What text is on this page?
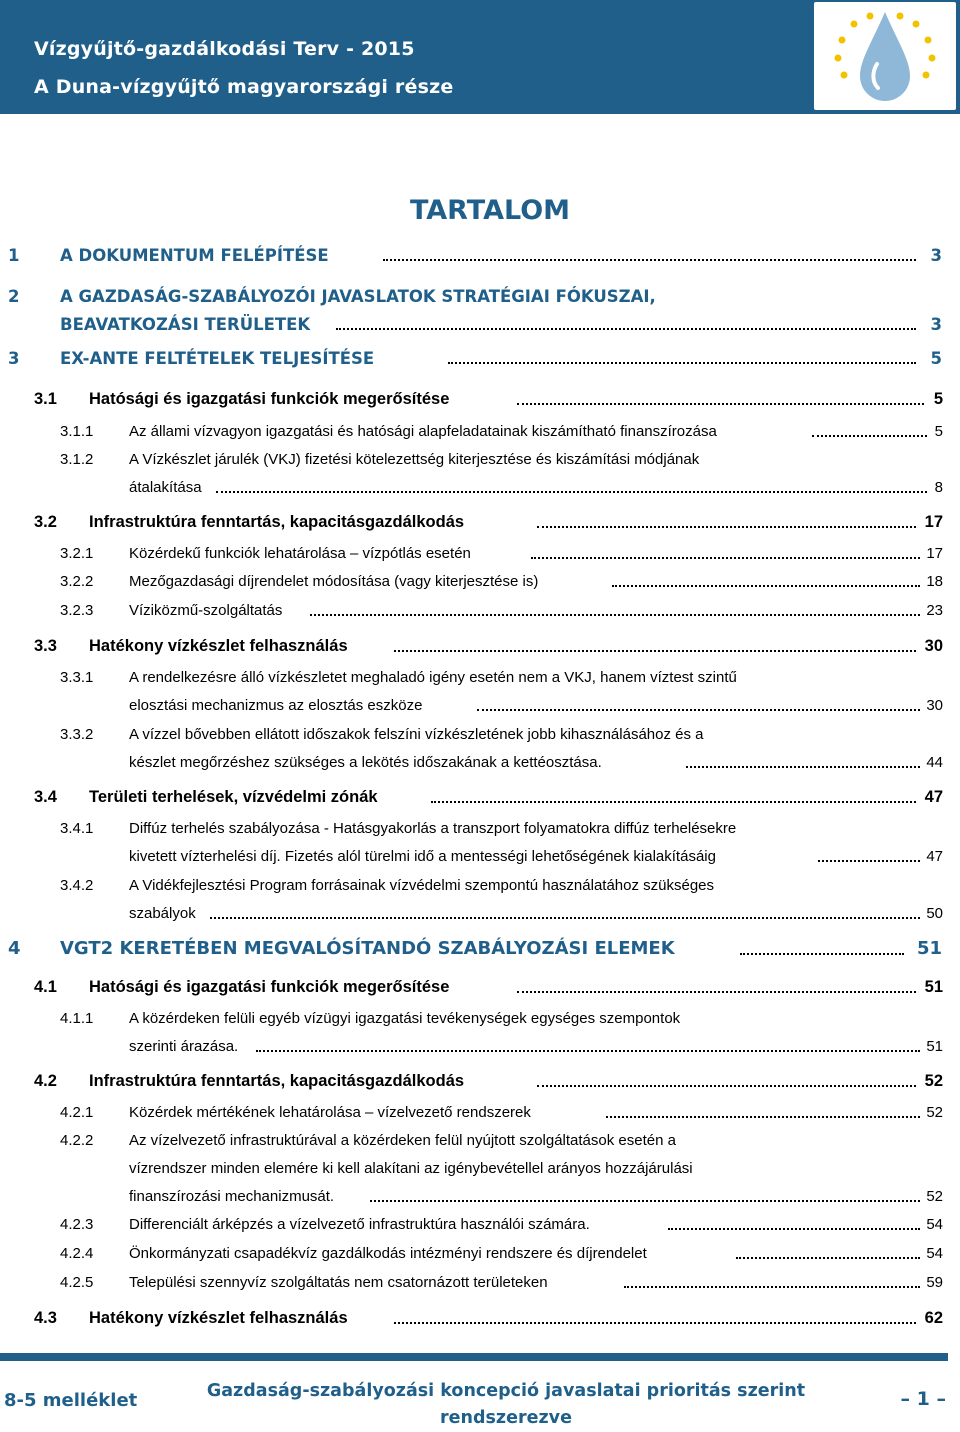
Vízgyűjtő-gazdálkodási Terv - 2015
A Duna-vízgyűjtő magyarországi része
TARTALOM
1 A DOKUMENTUM FELÉPÍTÉSE	3
2 A GAZDASÁG-SZABÁLYOZÓI JAVASLATOK STRATÉGIAI FÓKUSZAI,
BEAVATKOZÁSI TERÜLETEK	3
3 EX-ANTE FELTÉTELEK TELJESÍTÉSE	5
3.1 Hatósági és igazgatási funkciók megerősítése	5
3.1.1 Az állami vízvagyon igazgatási és hatósági alapfeladatainak kiszámítható finanszírozása	5
3.1.2 A Vízkészlet járulék (VKJ) fizetési kötelezettség kiterjesztése és kiszámítási módjának
átalakítása	8
3.2 Infrastruktúra fenntartás, kapacitásgazdálkodás	17
3.2.1 Közérdekű funkciók lehatárolása – vízpótlás esetén	17
3.2.2 Mezőgazdasági díjrendelet módosítása (vagy kiterjesztése is)	18
3.2.3 Víziközmű-szolgáltatás	23
3.3 Hatékony vízkészlet felhasználás	30
3.3.1 A rendelkezésre álló vízkészletet meghaladó igény esetén nem a VKJ, hanem víztest szintű
elosztási mechanizmus az elosztás eszköze	30
3.3.2 A vízzel bővebben ellátott időszakok felszíni vízkészletének jobb kihasználásához és a
készlet megőrzéshez szükséges a lekötés időszakának a kettéosztása.	44
3.4 Területi terhelések, vízvédelmi zónák	47
3.4.1 Diffúz terhelés szabályozása - Hatásgyakorlás a transzport folyamatokra diffúz terhelésekre
kivetett vízterhelési díj. Fizetés alól türelmi idő a mentességi lehetőségének kialakításáig	47
3.4.2 A Vidékfejlesztési Program forrásainak vízvédelmi szempontú használatához szükséges
szabályok	50
4 VGT2 KERETÉBEN MEGVALÓSÍTANDÓ SZABÁLYOZÁSI ELEMEK	51
4.1 Hatósági és igazgatási funkciók megerősítése	51
4.1.1 A közérdeken felüli egyéb vízügyi igazgatási tevékenységek egységes szempontok
szerinti árazása.	51
4.2 Infrastruktúra fenntartás, kapacitásgazdálkodás	52
4.2.1 Közérdek mértékének lehatárolása – vízelvezető rendszerek	52
4.2.2 Az vízelvezető infrastruktúrával a közérdeken felül nyújtott szolgáltatások esetén a
vízrendszer minden elemére ki kell alakítani az igénybevétellel arányos hozzájárulási
finanszírozási mechanizmusát.	52
4.2.3 Differenciált árképzés a vízelvezető infrastruktúra használói számára.	54
4.2.4 Önkormányzati csapadékvíz gazdálkodás intézményi rendszere és díjrendelet	54
4.2.5 Települési szennyvíz szolgáltatás nem csatornázott területeken	59
4.3 Hatékony vízkészlet felhasználás	62
8-5 melléklet	Gazdaság-szabályozási koncepció javaslatai prioritás szerint
rendszerezve
– 1 –
